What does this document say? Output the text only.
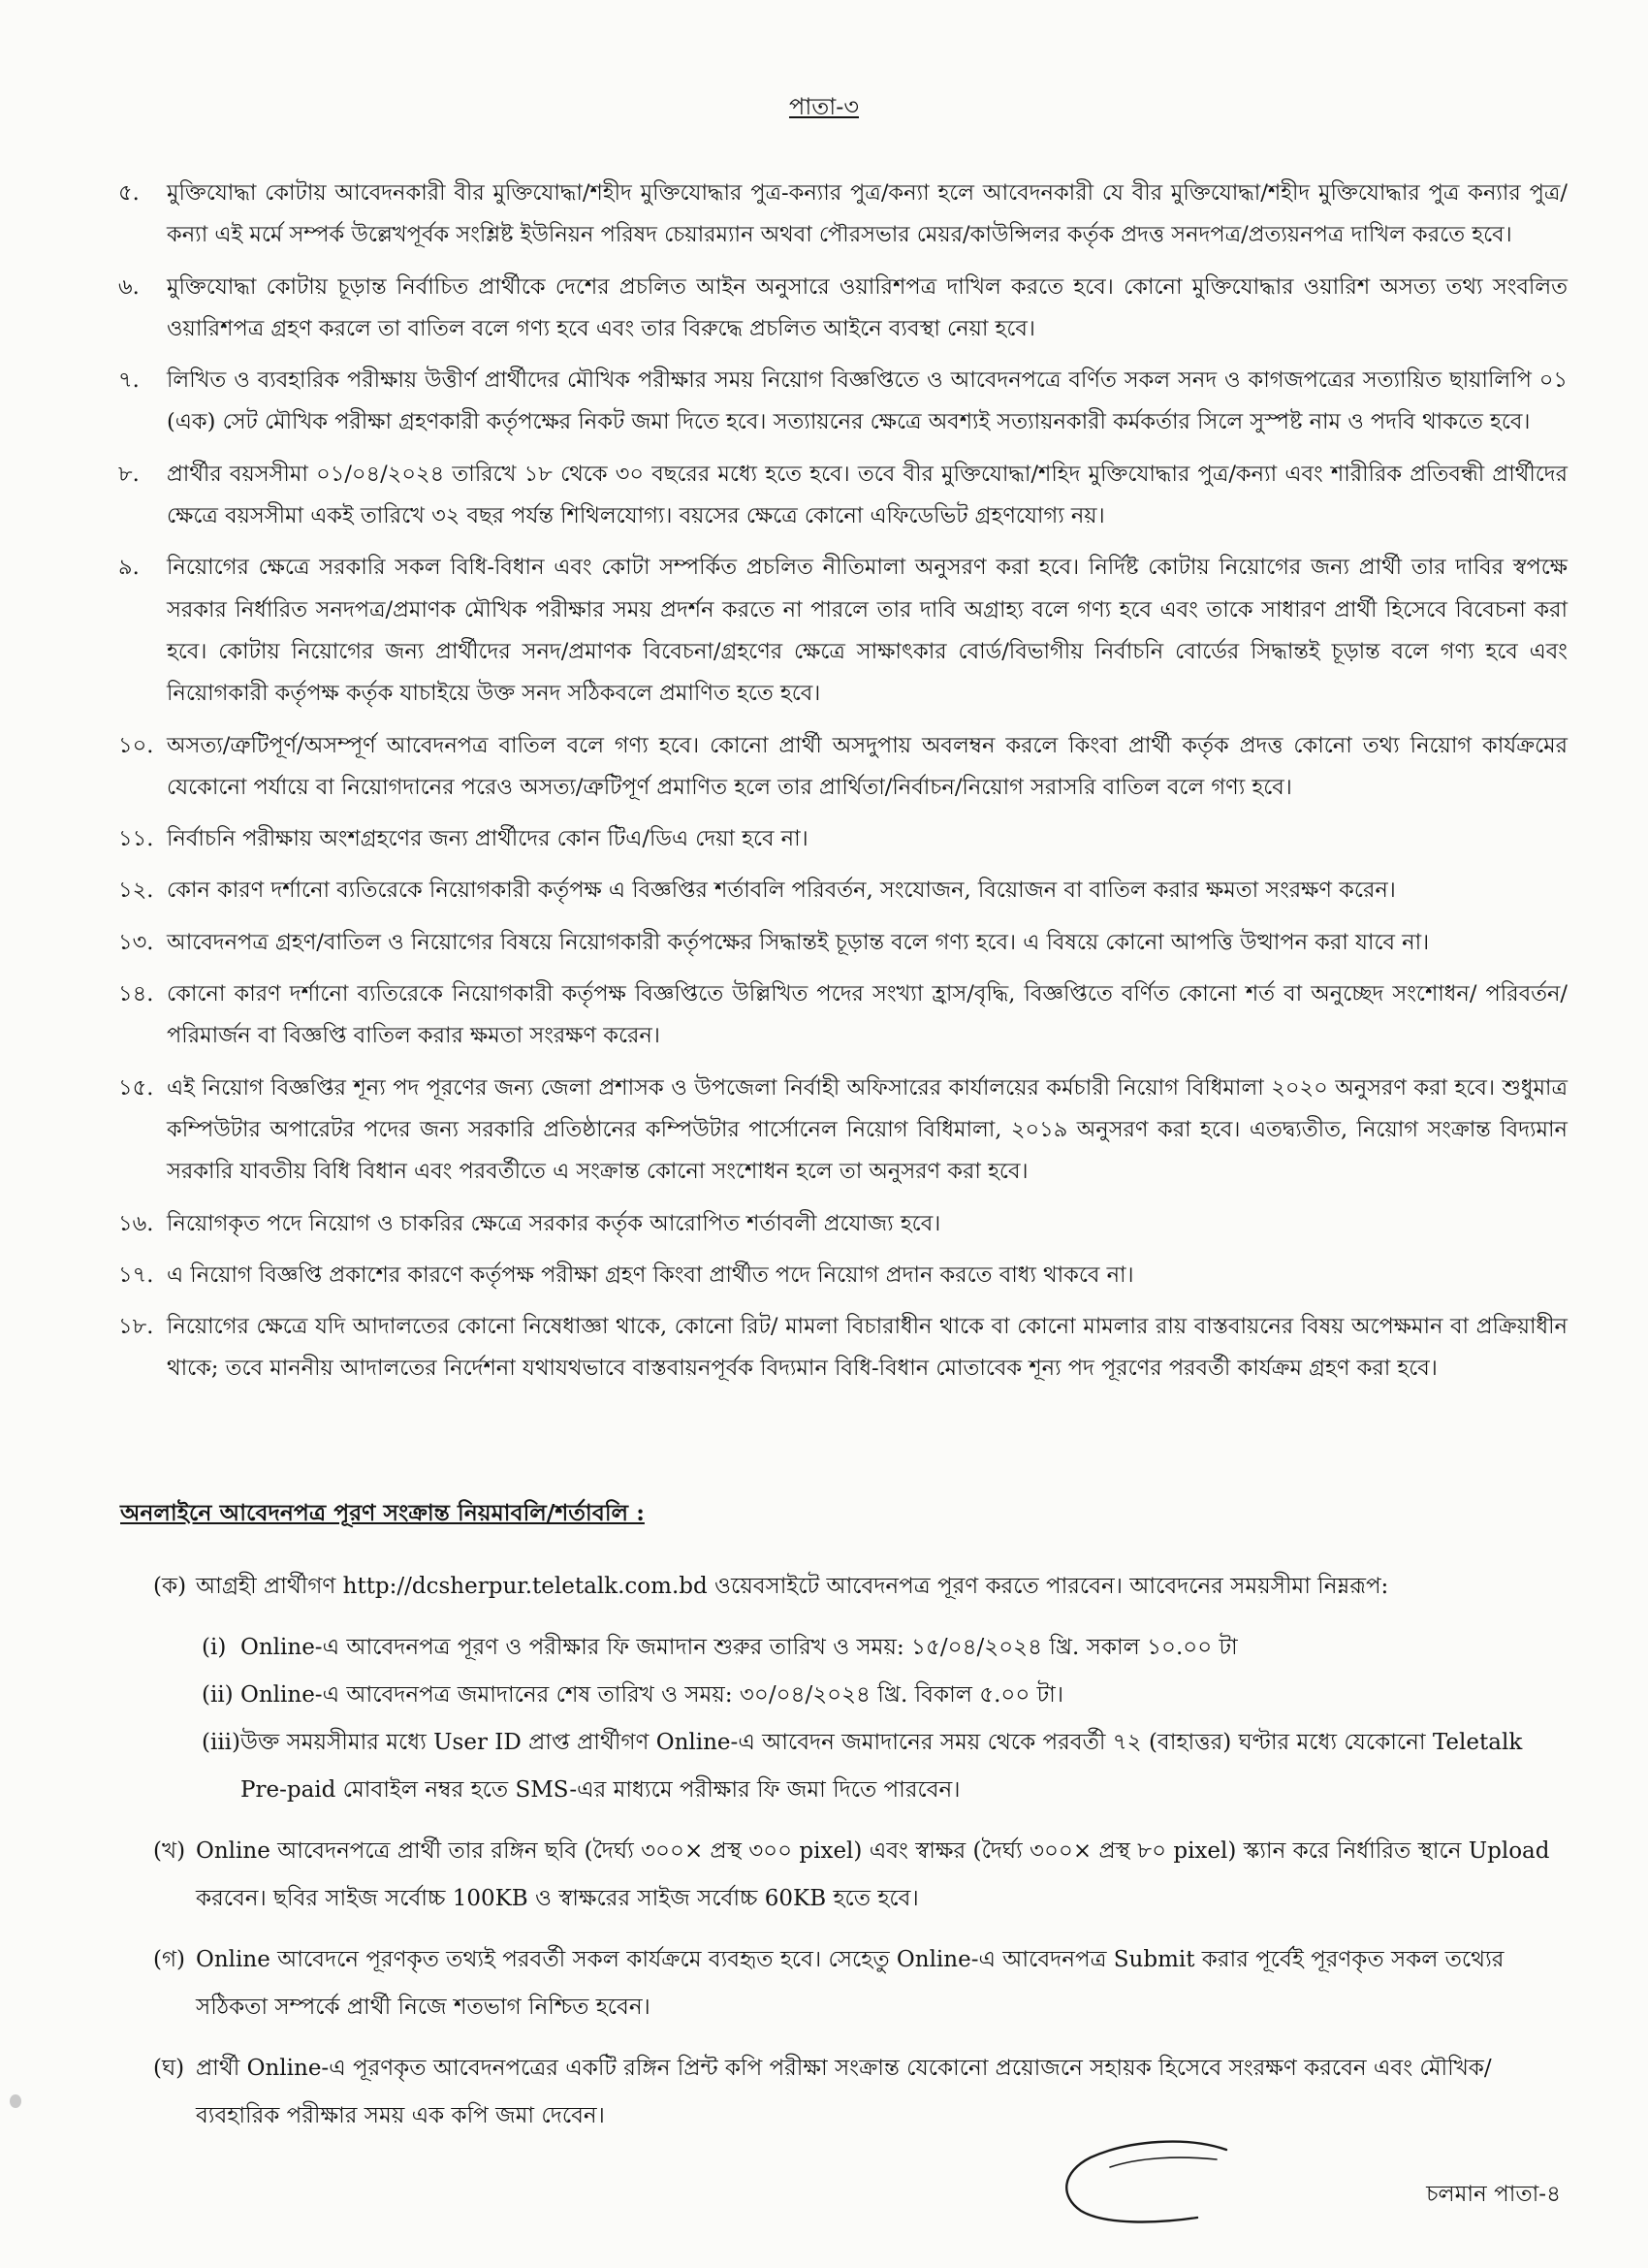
পাতা-৩
৫.	মুক্তিযোদ্ধা কোটায় আবেদনকারী বীর মুক্তিযোদ্ধা/শহীদ মুক্তিযোদ্ধার পুত্র-কন্যার পুত্র/কন্যা হলে আবেদনকারী যে বীর মুক্তিযোদ্ধা/শহীদ মুক্তিযোদ্ধার পুত্র কন্যার পুত্র/কন্যা এই মর্মে সম্পর্ক উল্লেখপূর্বক সংশ্লিষ্ট ইউনিয়ন পরিষদ চেয়ারম্যান অথবা পৌরসভার মেয়র/কাউন্সিলর কর্তৃক প্রদত্ত সনদপত্র/প্রত্যয়নপত্র দাখিল করতে হবে।
৬.	মুক্তিযোদ্ধা কোটায় চূড়ান্ত নির্বাচিত প্রার্থীকে দেশের প্রচলিত আইন অনুসারে ওয়ারিশপত্র দাখিল করতে হবে। কোনো মুক্তিযোদ্ধার ওয়ারিশ অসত্য তথ্য সংবলিত ওয়ারিশপত্র গ্রহণ করলে তা বাতিল বলে গণ্য হবে এবং তার বিরুদ্ধে প্রচলিত আইনে ব্যবস্থা নেয়া হবে।
৭.	লিখিত ও ব্যবহারিক পরীক্ষায় উত্তীর্ণ প্রার্থীদের মৌখিক পরীক্ষার সময় নিয়োগ বিজ্ঞপ্তিতে ও আবেদনপত্রে বর্ণিত সকল সনদ ও কাগজপত্রের সত্যায়িত ছায়ালিপি ০১ (এক) সেট মৌখিক পরীক্ষা গ্রহণকারী কর্তৃপক্ষের নিকট জমা দিতে হবে। সত্যায়নের ক্ষেত্রে অবশ্যই সত্যায়নকারী কর্মকর্তার সিলে সুস্পষ্ট নাম ও পদবি থাকতে হবে।
৮.	প্রার্থীর বয়সসীমা ০১/০৪/২০২৪ তারিখে ১৮ থেকে ৩০ বছরের মধ্যে হতে হবে। তবে বীর মুক্তিযোদ্ধা/শহিদ মুক্তিযোদ্ধার পুত্র/কন্যা এবং শারীরিক প্রতিবন্ধী প্রার্থীদের ক্ষেত্রে বয়সসীমা একই তারিখে ৩২ বছর পর্যন্ত শিথিলযোগ্য। বয়সের ক্ষেত্রে কোনো এফিডেভিট গ্রহণযোগ্য নয়।
৯.	নিয়োগের ক্ষেত্রে সরকারি সকল বিধি-বিধান এবং কোটা সম্পর্কিত প্রচলিত নীতিমালা অনুসরণ করা হবে। নির্দিষ্ট কোটায় নিয়োগের জন্য প্রার্থী তার দাবির স্বপক্ষে সরকার নির্ধারিত সনদপত্র/প্রমাণক মৌখিক পরীক্ষার সময় প্রদর্শন করতে না পারলে তার দাবি অগ্রাহ্য বলে গণ্য হবে এবং তাকে সাধারণ প্রার্থী হিসেবে বিবেচনা করা হবে। কোটায় নিয়োগের জন্য প্রার্থীদের সনদ/প্রমাণক বিবেচনা/গ্রহণের ক্ষেত্রে সাক্ষাৎকার বোর্ড/বিভাগীয় নির্বাচনি বোর্ডের সিদ্ধান্তই চূড়ান্ত বলে গণ্য হবে এবং নিয়োগকারী কর্তৃপক্ষ কর্তৃক যাচাইয়ে উক্ত সনদ সঠিকবলে প্রমাণিত হতে হবে।
১০. অসত্য/ত্রুটিপূর্ণ/অসম্পূর্ণ আবেদনপত্র বাতিল বলে গণ্য হবে। কোনো প্রার্থী অসদুপায় অবলম্বন করলে কিংবা প্রার্থী কর্তৃক প্রদত্ত কোনো তথ্য নিয়োগ কার্যক্রমের যেকোনো পর্যায়ে বা নিয়োগদানের পরেও অসত্য/ত্রুটিপূর্ণ প্রমাণিত হলে তার প্রার্থিতা/নির্বাচন/নিয়োগ সরাসরি বাতিল বলে গণ্য হবে।
১১. নির্বাচনি পরীক্ষায় অংশগ্রহণের জন্য প্রার্থীদের কোন টিএ/ডিএ দেয়া হবে না।
১২. কোন কারণ দর্শানো ব্যতিরেকে নিয়োগকারী কর্তৃপক্ষ এ বিজ্ঞপ্তির শর্তাবলি পরিবর্তন, সংযোজন, বিয়োজন বা বাতিল করার ক্ষমতা সংরক্ষণ করেন।
১৩. আবেদনপত্র গ্রহণ/বাতিল ও নিয়োগের বিষয়ে নিয়োগকারী কর্তৃপক্ষের সিদ্ধান্তই চূড়ান্ত বলে গণ্য হবে। এ বিষয়ে কোনো আপত্তি উত্থাপন করা যাবে না।
১৪. কোনো কারণ দর্শানো ব্যতিরেকে নিয়োগকারী কর্তৃপক্ষ বিজ্ঞপ্তিতে উল্লিখিত পদের সংখ্যা হ্রাস/বৃদ্ধি, বিজ্ঞপ্তিতে বর্ণিত কোনো শর্ত বা অনুচ্ছেদ সংশোধন/ পরিবর্তন/পরিমার্জন বা বিজ্ঞপ্তি বাতিল করার ক্ষমতা সংরক্ষণ করেন।
১৫. এই নিয়োগ বিজ্ঞপ্তির শূন্য পদ পূরণের জন্য জেলা প্রশাসক ও উপজেলা নির্বাহী অফিসারের কার্যালয়ের কর্মচারী নিয়োগ বিধিমালা ২০২০ অনুসরণ করা হবে। শুধুমাত্র কম্পিউটার অপারেটর পদের জন্য সরকারি প্রতিষ্ঠানের কম্পিউটার পার্সোনেল নিয়োগ বিধিমালা, ২০১৯ অনুসরণ করা হবে। এতদ্ব্যতীত, নিয়োগ সংক্রান্ত বিদ্যমান সরকারি যাবতীয় বিধি বিধান এবং পরবর্তীতে এ সংক্রান্ত কোনো সংশোধন হলে তা অনুসরণ করা হবে।
১৬. নিয়োগকৃত পদে নিয়োগ ও চাকরির ক্ষেত্রে সরকার কর্তৃক আরোপিত শর্তাবলী প্রযোজ্য হবে।
১৭. এ নিয়োগ বিজ্ঞপ্তি প্রকাশের কারণে কর্তৃপক্ষ পরীক্ষা গ্রহণ কিংবা প্রার্থীত পদে নিয়োগ প্রদান করতে বাধ্য থাকবে না।
১৮. নিয়োগের ক্ষেত্রে যদি আদালতের কোনো নিষেধাজ্ঞা থাকে, কোনো রিট/ মামলা বিচারাধীন থাকে বা কোনো মামলার রায় বাস্তবায়নের বিষয় অপেক্ষমান বা প্রক্রিয়াধীন থাকে; তবে মাননীয় আদালতের নির্দেশনা যথাযথভাবে বাস্তবায়নপূর্বক বিদ্যমান বিধি-বিধান মোতাবেক শূন্য পদ পূরণের পরবর্তী কার্যক্রম গ্রহণ করা হবে।
অনলাইনে আবেদনপত্র পূরণ সংক্রান্ত নিয়মাবলি/শর্তাবলি :
(ক) আগ্রহী প্রার্থীগণ http://dcsherpur.teletalk.com.bd ওয়েবসাইটে আবেদনপত্র পূরণ করতে পারবেন। আবেদনের সময়সীমা নিম্নরূপ:
(i) Online-এ আবেদনপত্র পূরণ ও পরীক্ষার ফি জমাদান শুরুর তারিখ ও সময়: ১৫/০৪/২০২৪ খ্রি. সকাল ১০.০০ টা
(ii) Online-এ আবেদনপত্র জমাদানের শেষ তারিখ ও সময়: ৩০/০৪/২০২৪ খ্রি. বিকাল ৫.০০ টা।
(iii) উক্ত সময়সীমার মধ্যে User ID প্রাপ্ত প্রার্থীগণ Online-এ আবেদন জমাদানের সময় থেকে পরবর্তী ৭২ (বাহাত্তর) ঘণ্টার মধ্যে যেকোনো Teletalk Pre-paid মোবাইল নম্বর হতে SMS-এর মাধ্যমে পরীক্ষার ফি জমা দিতে পারবেন।
(খ) Online আবেদনপত্রে প্রার্থী তার রঙ্গিন ছবি (দৈর্ঘ্য ৩০০× প্রস্থ ৩০০ pixel) এবং স্বাক্ষর (দৈর্ঘ্য ৩০০× প্রস্থ ৮০ pixel) স্ক্যান করে নির্ধারিত স্থানে Upload করবেন। ছবির সাইজ সর্বোচ্চ 100KB ও স্বাক্ষরের সাইজ সর্বোচ্চ 60KB হতে হবে।
(গ) Online আবেদনে পূরণকৃত তথ্যই পরবর্তী সকল কার্যক্রমে ব্যবহৃত হবে। সেহেতু Online-এ আবেদনপত্র Submit করার পূর্বেই পূরণকৃত সকল তথ্যের সঠিকতা সম্পর্কে প্রার্থী নিজে শতভাগ নিশ্চিত হবেন।
(ঘ) প্রার্থী Online-এ পূরণকৃত আবেদনপত্রের একটি রঙ্গিন প্রিন্ট কপি পরীক্ষা সংক্রান্ত যেকোনো প্রয়োজনে সহায়ক হিসেবে সংরক্ষণ করবেন এবং মৌখিক/ব্যবহারিক পরীক্ষার সময় এক কপি জমা দেবেন।
চলমান পাতা-৪
